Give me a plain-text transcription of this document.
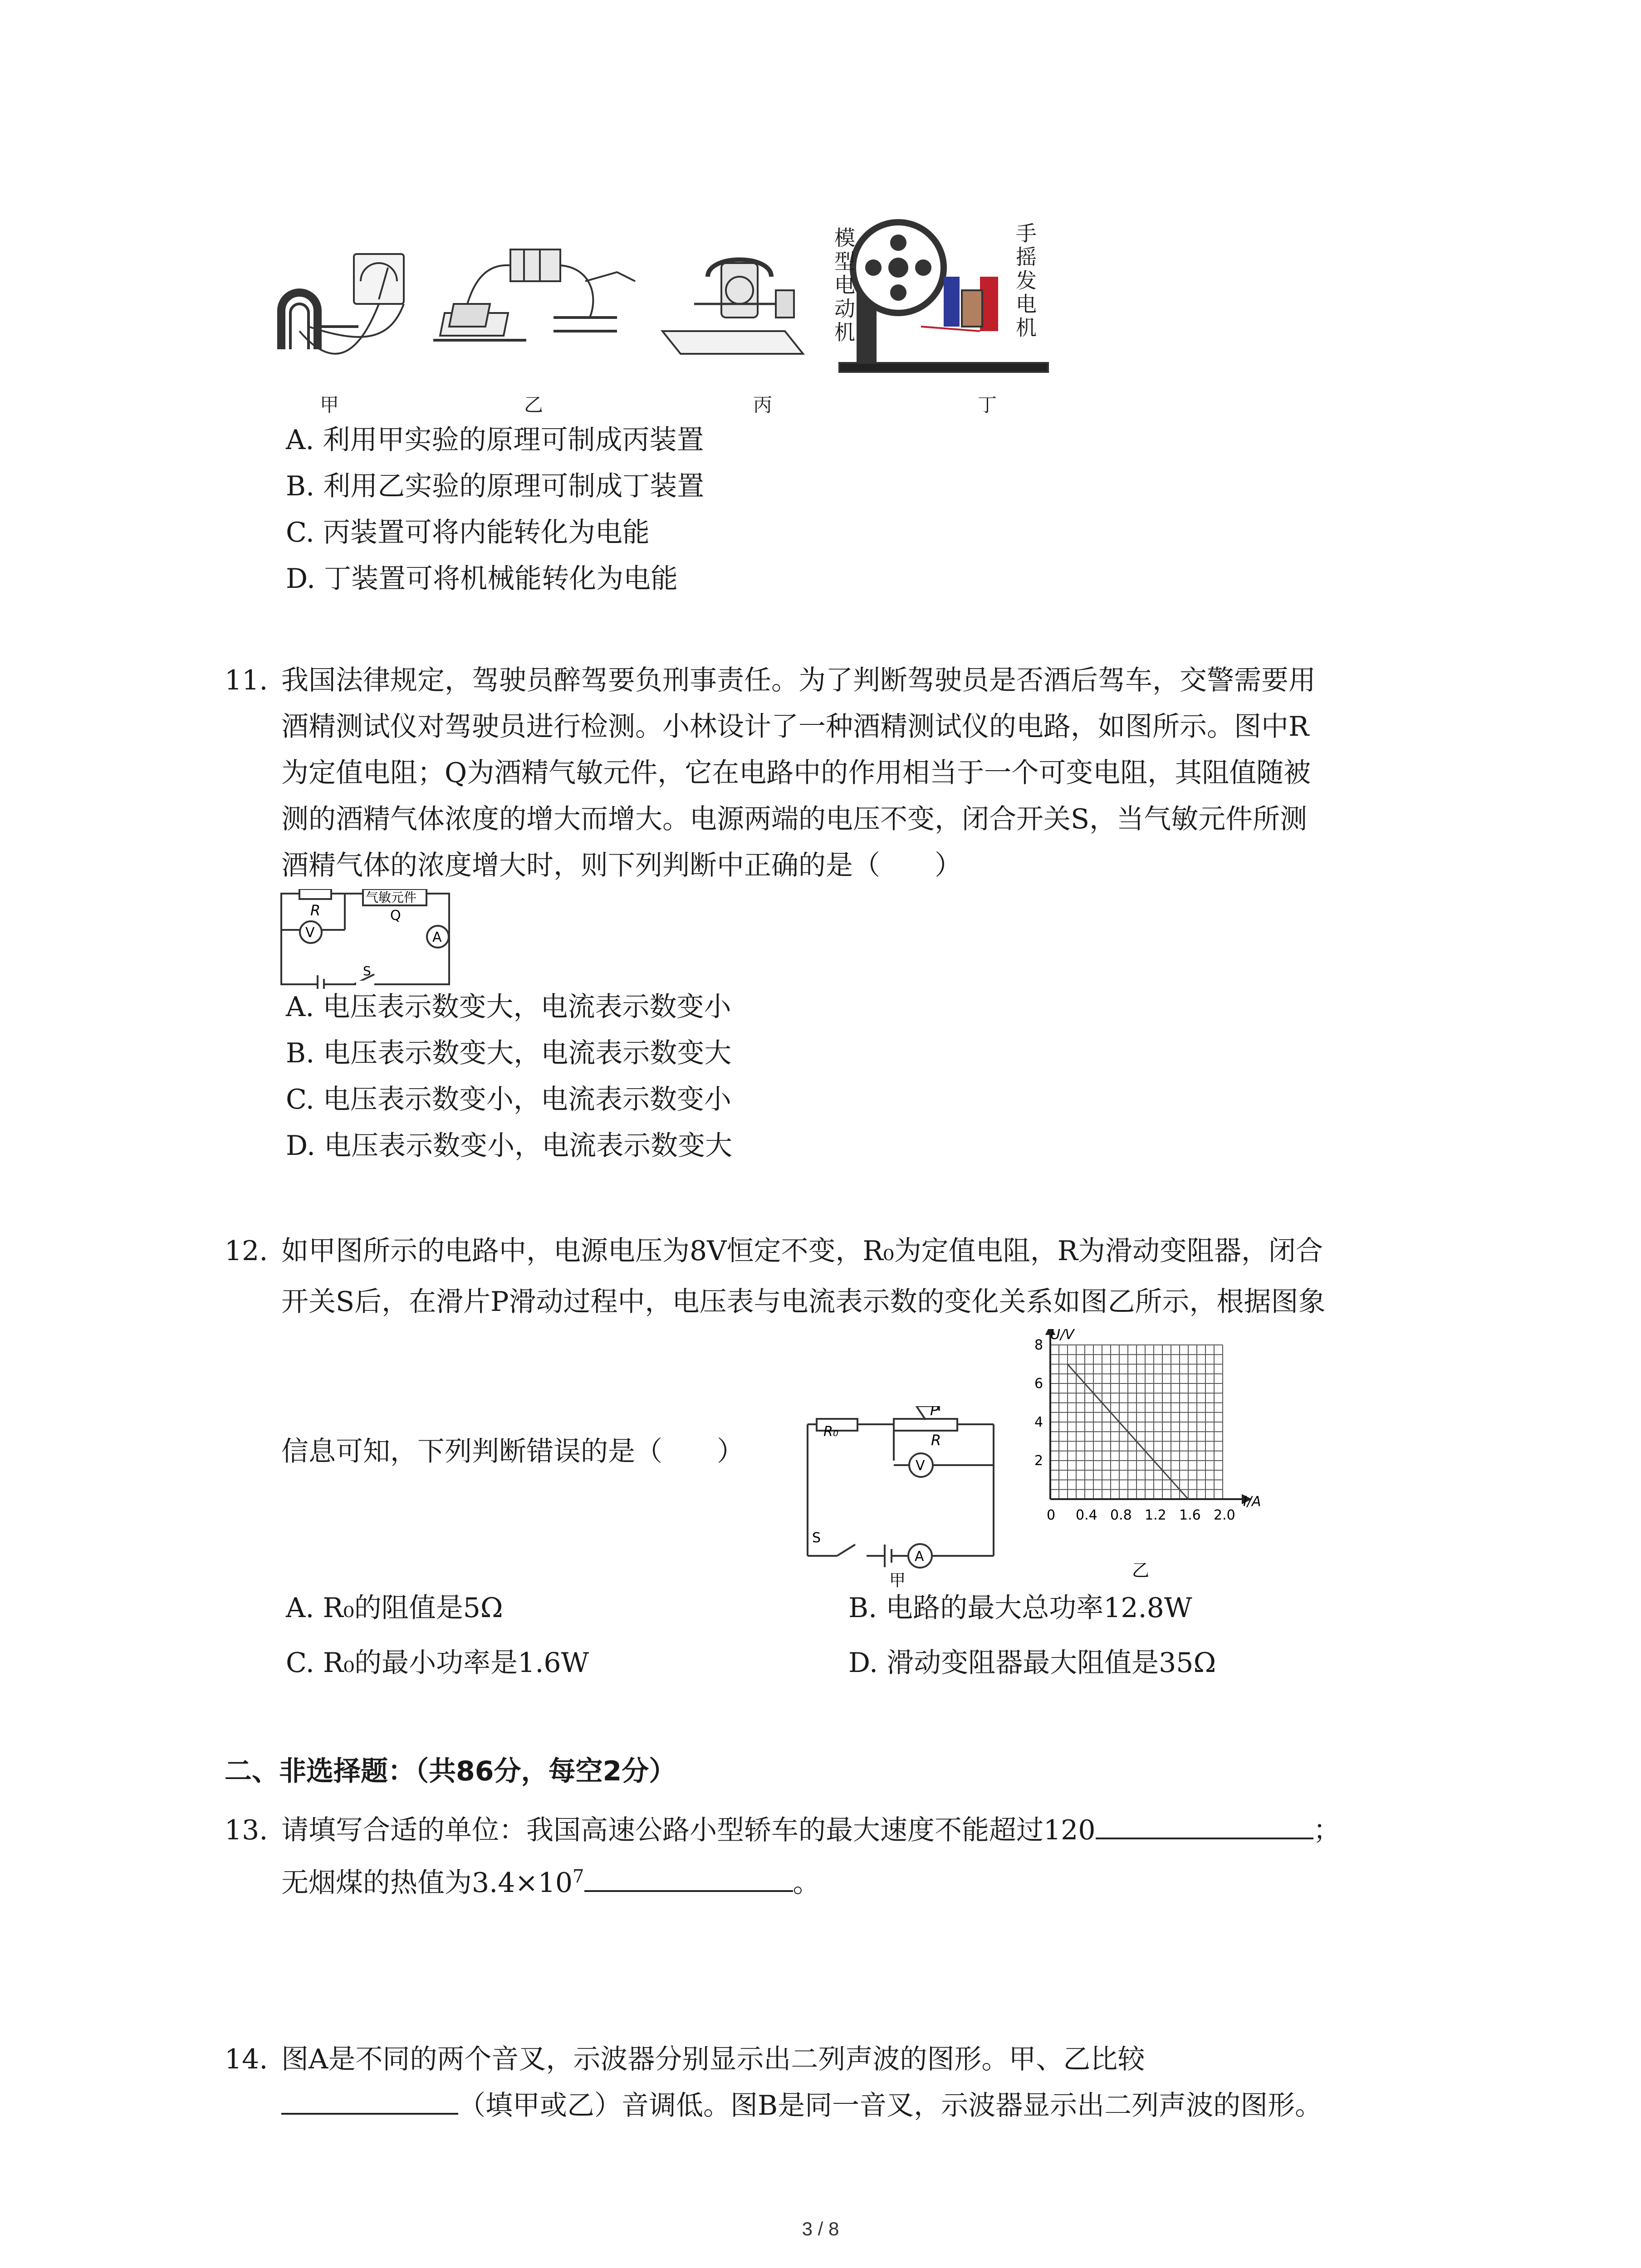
模型电动机	手摇发电机
甲	乙	丙	丁
A. 利用甲实验的原理可制成丙装置
B. 利用乙实验的原理可制成丁装置
C. 丙装置可将内能转化为电能
D. 丁装置可将机械能转化为电能
11. 我国法律规定，驾驶员醉驾要负刑事责任。为了判断驾驶员是否酒后驾车，交警需要用
酒精测试仪对驾驶员进行检测。小林设计了一种酒精测试仪的电路，如图所示。图中R
为定值电阻；Q为酒精气敏元件，它在电路中的作用相当于一个可变电阻，其阻值随被
测的酒精气体浓度的增大而增大。电源两端的电压不变，闭合开关S，当气敏元件所测
酒精气体的浓度增大时，则下列判断中正确的是（　　）
R
气敏元件
Q
V	A
S
A. 电压表示数变大，电流表示数变小
B. 电压表示数变大，电流表示数变大
C. 电压表示数变小，电流表示数变小
D. 电压表示数变小，电流表示数变大
12. 如甲图所示的电路中，电源电压为8V恒定不变，R₀为定值电阻，R为滑动变阻器，闭合
开关S后，在滑片P滑动过程中，电压表与电流表示数的变化关系如图乙所示，根据图象
信息可知，下列判断错误的是（　　）
R₀
P
R
V
S
A
甲
0 0.4 0.8 1.2 1.6 2.0
2
4
6
8
U/V
I/A
乙
A. R₀的阻值是5Ω	B. 电路的最大总功率12.8W
C. R₀的最小功率是1.6W	D. 滑动变阻器最大阻值是35Ω
二、非选择题：（共86分，每空2分）
13. 请填写合适的单位：我国高速公路小型轿车的最大速度不能超过120	；
无烟煤的热值为$3.4\times 10^7$	。
14. 图A是不同的两个音叉，示波器分别显示出二列声波的图形。甲、乙比较
（填甲或乙）音调低。图B是同一音叉，示波器显示出二列声波的图形。
3 / 8
